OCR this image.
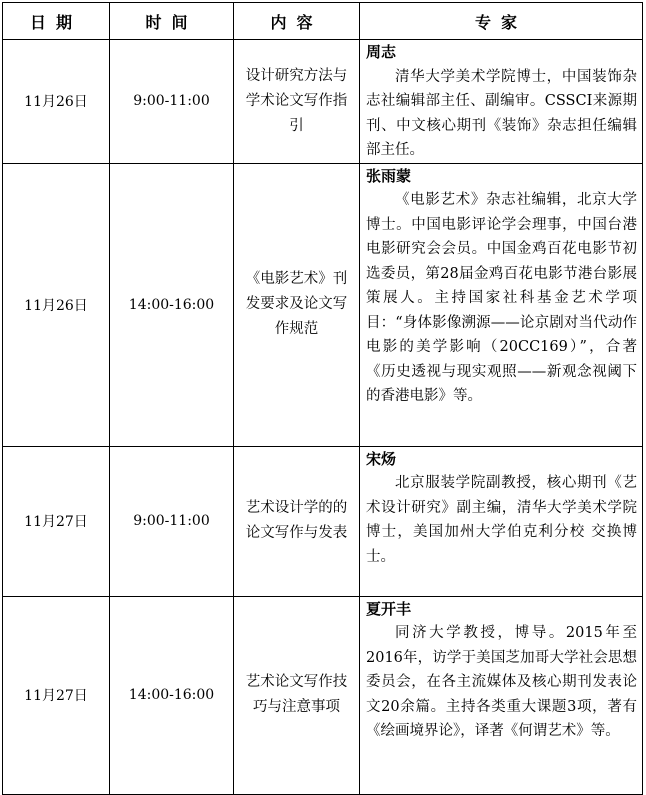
日期	时间	内容	专家
11月26日	9:00-11:00	设计研究方法与学术论文写作指引	周志
清华大学美术学院博士，中国装饰杂志社编辑部主任、副编审。CSSCI来源期刊、中文核心期刊《装饰》杂志担任编辑部主任。

11月26日	14:00-16:00	《电影艺术》刊发要求及论文写作规范	张雨蒙
《电影艺术》杂志社编辑，北京大学博士。中国电影评论学会理事，中国台港电影研究会会员。中国金鸡百花电影节初选委员，第28届金鸡百花电影节港台影展策展人。主持国家社科基金艺术学项目：“身体影像溯源——论京剧对当代动作电影的美学影响（20CC169）”，合著《历史透视与现实观照——新观念视阈下的香港电影》等。

11月27日	9:00-11:00	艺术设计学的的论文写作与发表	宋炀
北京服装学院副教授，核心期刊《艺术设计研究》副主编，清华大学美术学院博士，美国加州大学伯克利分校 交换博士。

11月27日	14:00-16:00	艺术论文写作技巧与注意事项	夏开丰
同济大学教授，博导。2015年至2016年，访学于美国芝加哥大学社会思想委员会，在各主流媒体及核心期刊发表论文20余篇。主持各类重大课题3项，著有《绘画境界论》，译著《何谓艺术》等。
